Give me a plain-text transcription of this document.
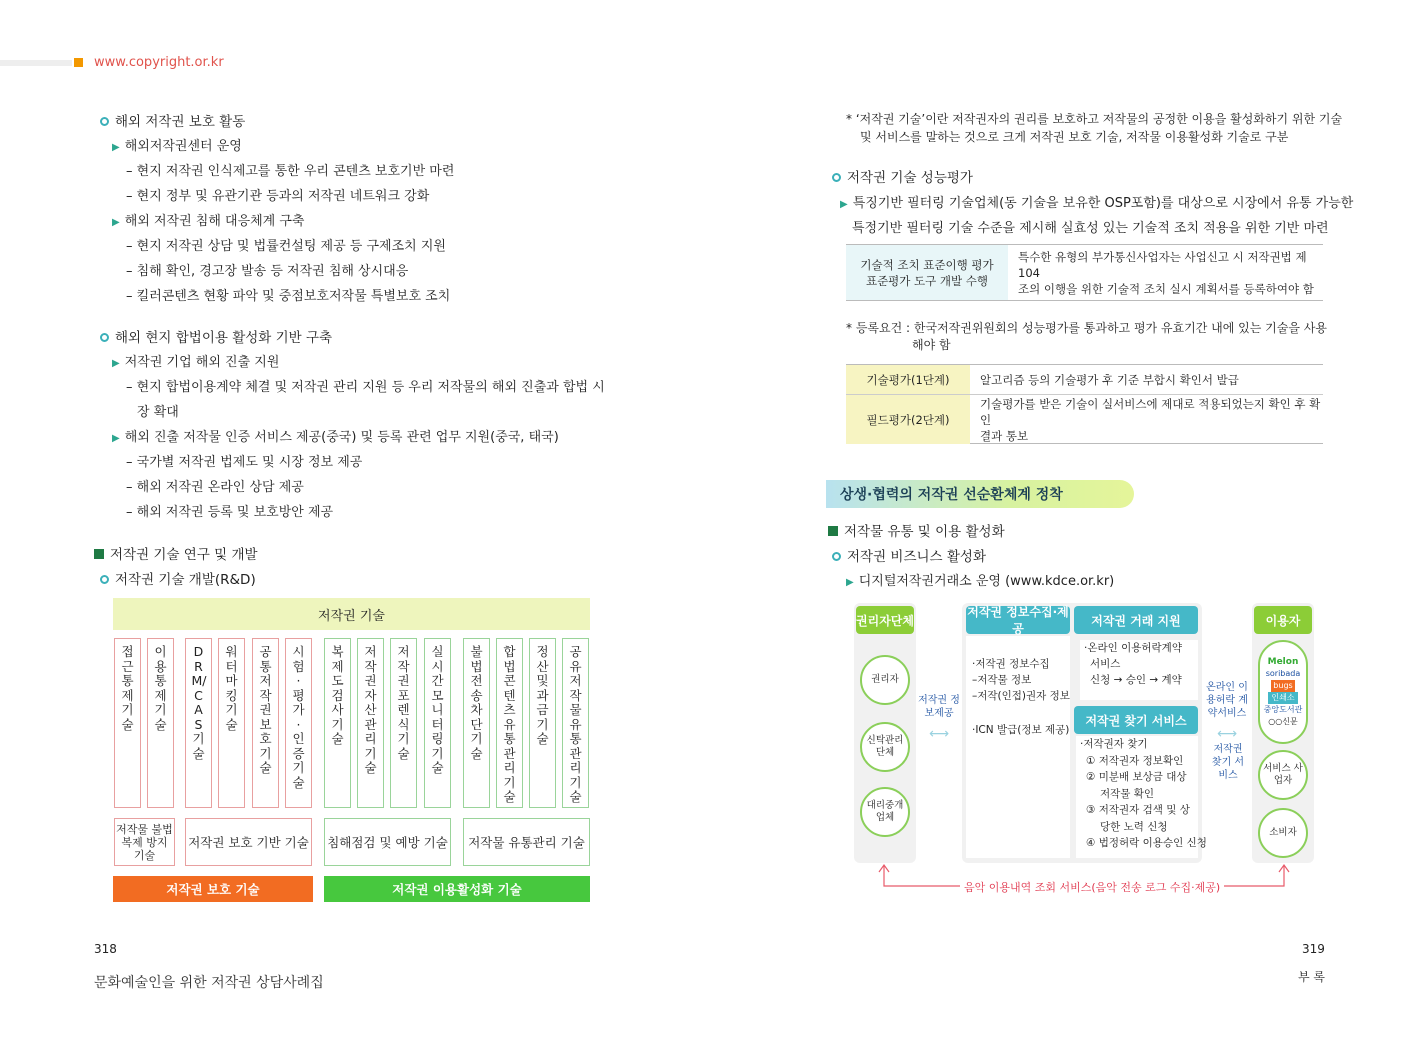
www.copyright.or.kr
해외 저작권 보호 활동
▶ 해외저작권센터 운영
– 현지 저작권 인식제고를 통한 우리 콘텐츠 보호기반 마련
– 현지 정부 및 유관기관 등과의 저작권 네트워크 강화
▶ 해외 저작권 침해 대응체계 구축
– 현지 저작권 상담 및 법률컨설팅 제공 등 구제조치 지원
– 침해 확인, 경고장 발송 등 저작권 침해 상시대응
– 킬러콘텐츠 현황 파악 및 중점보호저작물 특별보호 조치
해외 현지 합법이용 활성화 기반 구축
▶ 저작권 기업 해외 진출 지원
– 현지 합법이용계약 체결 및 저작권 관리 지원 등 우리 저작물의 해외 진출과 합법 시
장 확대
▶ 해외 진출 저작물 인증 서비스 제공(중국) 및 등록 관련 업무 지원(중국, 태국)
– 국가별 저작권 법제도 및 시장 정보 제공
– 해외 저작권 온라인 상담 제공
– 해외 저작권 등록 및 보호방안 제공
저작권 기술 연구 및 개발
저작권 기술 개발(R&D)
저작권 기술
접근통제 기술
이용통제 기술
DRM/CAS 기술
워터마킹 기술
공통 저작권 보호 기술
시험·평가·인증 기술
복제도 검사기술
저작권 자산 관리 기술
저작권 포렌식 기술
실시간 모니터링 기술
불법전송 차단 기술
합법 콘텐츠 유통관리 기술
정산 및 과금 기술
공유 저작물 유통관리 기술
저작물 불법복제 방지 기술
저작권 보호 기반 기술 침해점검 및 예방 기술 저작물 유통관리 기술
저작권 보호 기술	저작권 이용활성화 기술
318
문화예술인을 위한 저작권 상담사례집
* ‘저작권 기술’이란 저작권자의 권리를 보호하고 저작물의 공정한 이용을 활성화하기 위한 기술
및 서비스를 말하는 것으로 크게 저작권 보호 기술, 저작물 이용활성화 기술로 구분
저작권 기술 성능평가
▶ 특징기반 필터링 기술업체(동 기술을 보유한 OSP포함)를 대상으로 시장에서 유통 가능한
특정기반 필터링 기술 수준을 제시해 실효성 있는 기술적 조치 적용을 위한 기반 마련
기술적 조치 표준이행 평가
표준평가 도구 개발 수행
특수한 유형의 부가통신사업자는 사업신고 시 저작권법 제104
조의 이행을 위한 기술적 조치 실시 계획서를 등록하여야 함
* 등록요건 : 한국저작권위원회의 성능평가를 통과하고 평가 유효기간 내에 있는 기술을 사용
해야 함
기술평가(1단계)	알고리즘 등의 기술평가 후 기준 부합시 확인서 발급
필드평가(2단계)
기술평가를 받은 기술이 실서비스에 제대로 적용되었는지 확인 후 확인
결과 통보
상생·협력의 저작권 선순환체계 정착
저작물 유통 및 이용 활성화
저작권 비즈니스 활성화
▶ 디지털저작권거래소 운영 (www.kdce.or.kr)
권리자단체
권리자
신탁관리 단체
대리중개 업체
저작권 정보제공
⟷
저작권 정보수집·제공
·저작권 정보수집
–저작물 정보
–저작(인접)권자 정보
·ICN 발급(정보 제공)
저작권 거래 지원
·온라인 이용허락계약
서비스
신청 → 승인 → 계약
저작권 찾기 서비스
·저작권자 찾기
① 저작권자 정보확인
② 미분배 보상금 대상
저작물 확인
③ 저작권자 검색 및 상
당한 노력 신청
④ 법정허락 이용승인 신청
온라인 이용허락 계약서비스
⟷
저작권 찾기 서비스
이용자
Melon
soribada
bugs
인쇄소
중앙도서관
○○신문
서비스 사업자
소비자
음악 이용내역 조회 서비스(음악 전송 로그 수집·제공)
319
부 록
